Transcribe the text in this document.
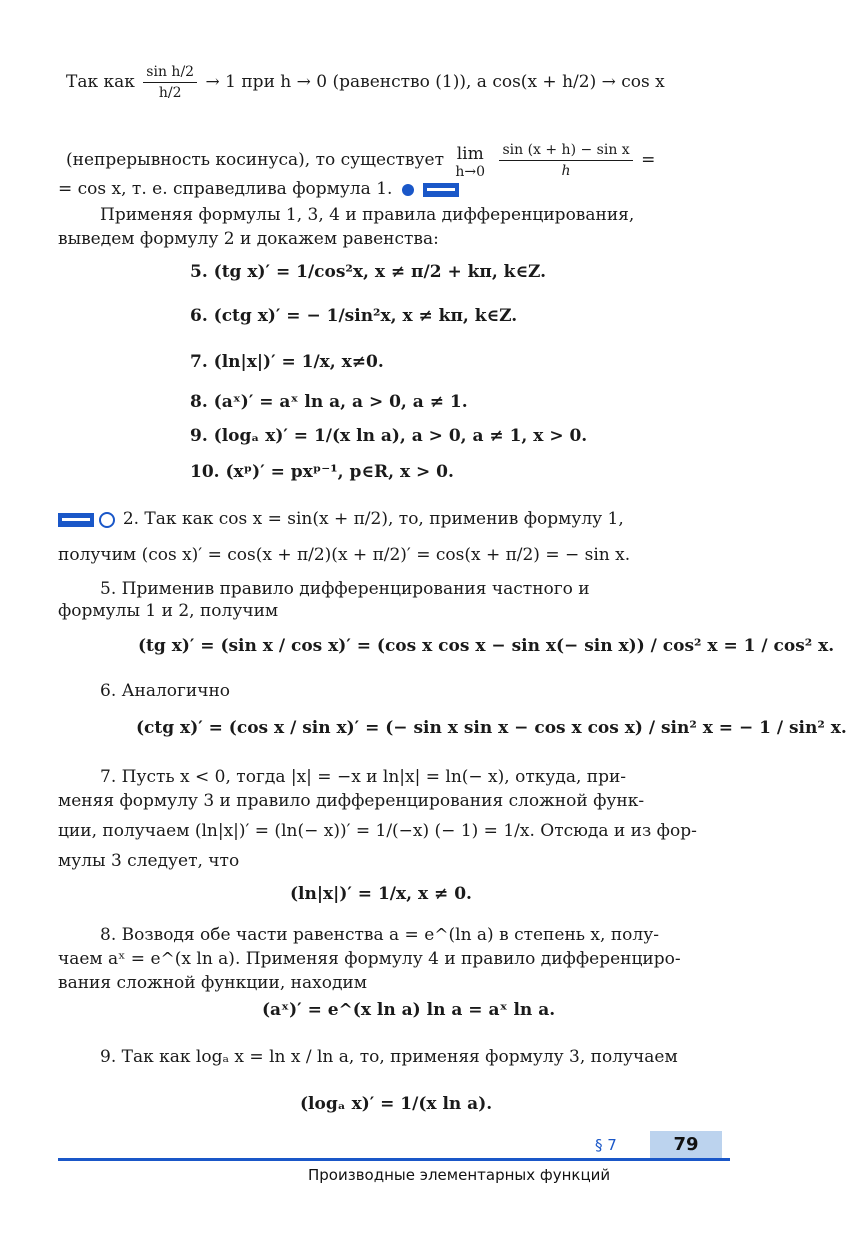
Так как $\frac{\text{sin h/2}}{h/2} \to 1$ при h → 0 (равенство (1)), а cos(x + h/2) → cos x
(непрерывность косинуса), то существует lim
h→0
$\frac{\text{sin (x + h) − sin x}}{h}$ =
= cos x, т. е. справедлива формула 1.
Применяя формулы 1, 3, 4 и правила дифференцирования,
выведем формулу 2 и докажем равенства:
5. (tg x)′ = 1/cos²x, x ≠ π/2 + kπ, k∈Z.
6. (ctg x)′ = − 1/sin²x, x ≠ kπ, k∈Z.
7. (ln|x|)′ = 1/x, x≠0.
8. (aˣ)′ = aˣ ln a, a > 0, a ≠ 1.
9. (logₐ x)′ = 1/(x ln a), a > 0, a ≠ 1, x > 0.
10. (xᵖ)′ = pxᵖ⁻¹, p∈R, x > 0.
2. Так как cos x = sin(x + π/2), то, применив формулу 1,
получим (cos x)′ = cos(x + π/2)(x + π/2)′ = cos(x + π/2) = − sin x.
5. Применив правило дифференцирования частного и
формулы 1 и 2, получим
(tg x)′ = (sin x / cos x)′ = (cos x cos x − sin x(− sin x)) / cos² x = 1 / cos² x.
6. Аналогично
(ctg x)′ = (cos x / sin x)′ = (− sin x sin x − cos x cos x) / sin² x = − 1 / sin² x.
7. Пусть x < 0, тогда |x| = −x и ln|x| = ln(− x), откуда, при-
меняя формулу 3 и правило дифференцирования сложной функ-
ции, получаем (ln|x|)′ = (ln(− x))′ = 1/(−x) (− 1) = 1/x. Отсюда и из фор-
мулы 3 следует, что
(ln|x|)′ = 1/x, x ≠ 0.
8. Возводя обе части равенства a = e^(ln a) в степень x, полу-
чаем aˣ = e^(x ln a). Применяя формулу 4 и правило дифференциро-
вания сложной функции, находим
(aˣ)′ = e^(x ln a) ln a = aˣ ln a.
9. Так как logₐ x = ln x / ln a, то, применяя формулу 3, получаем
(logₐ x)′ = 1/(x ln a).
§ 7	79
Производные элементарных функций
